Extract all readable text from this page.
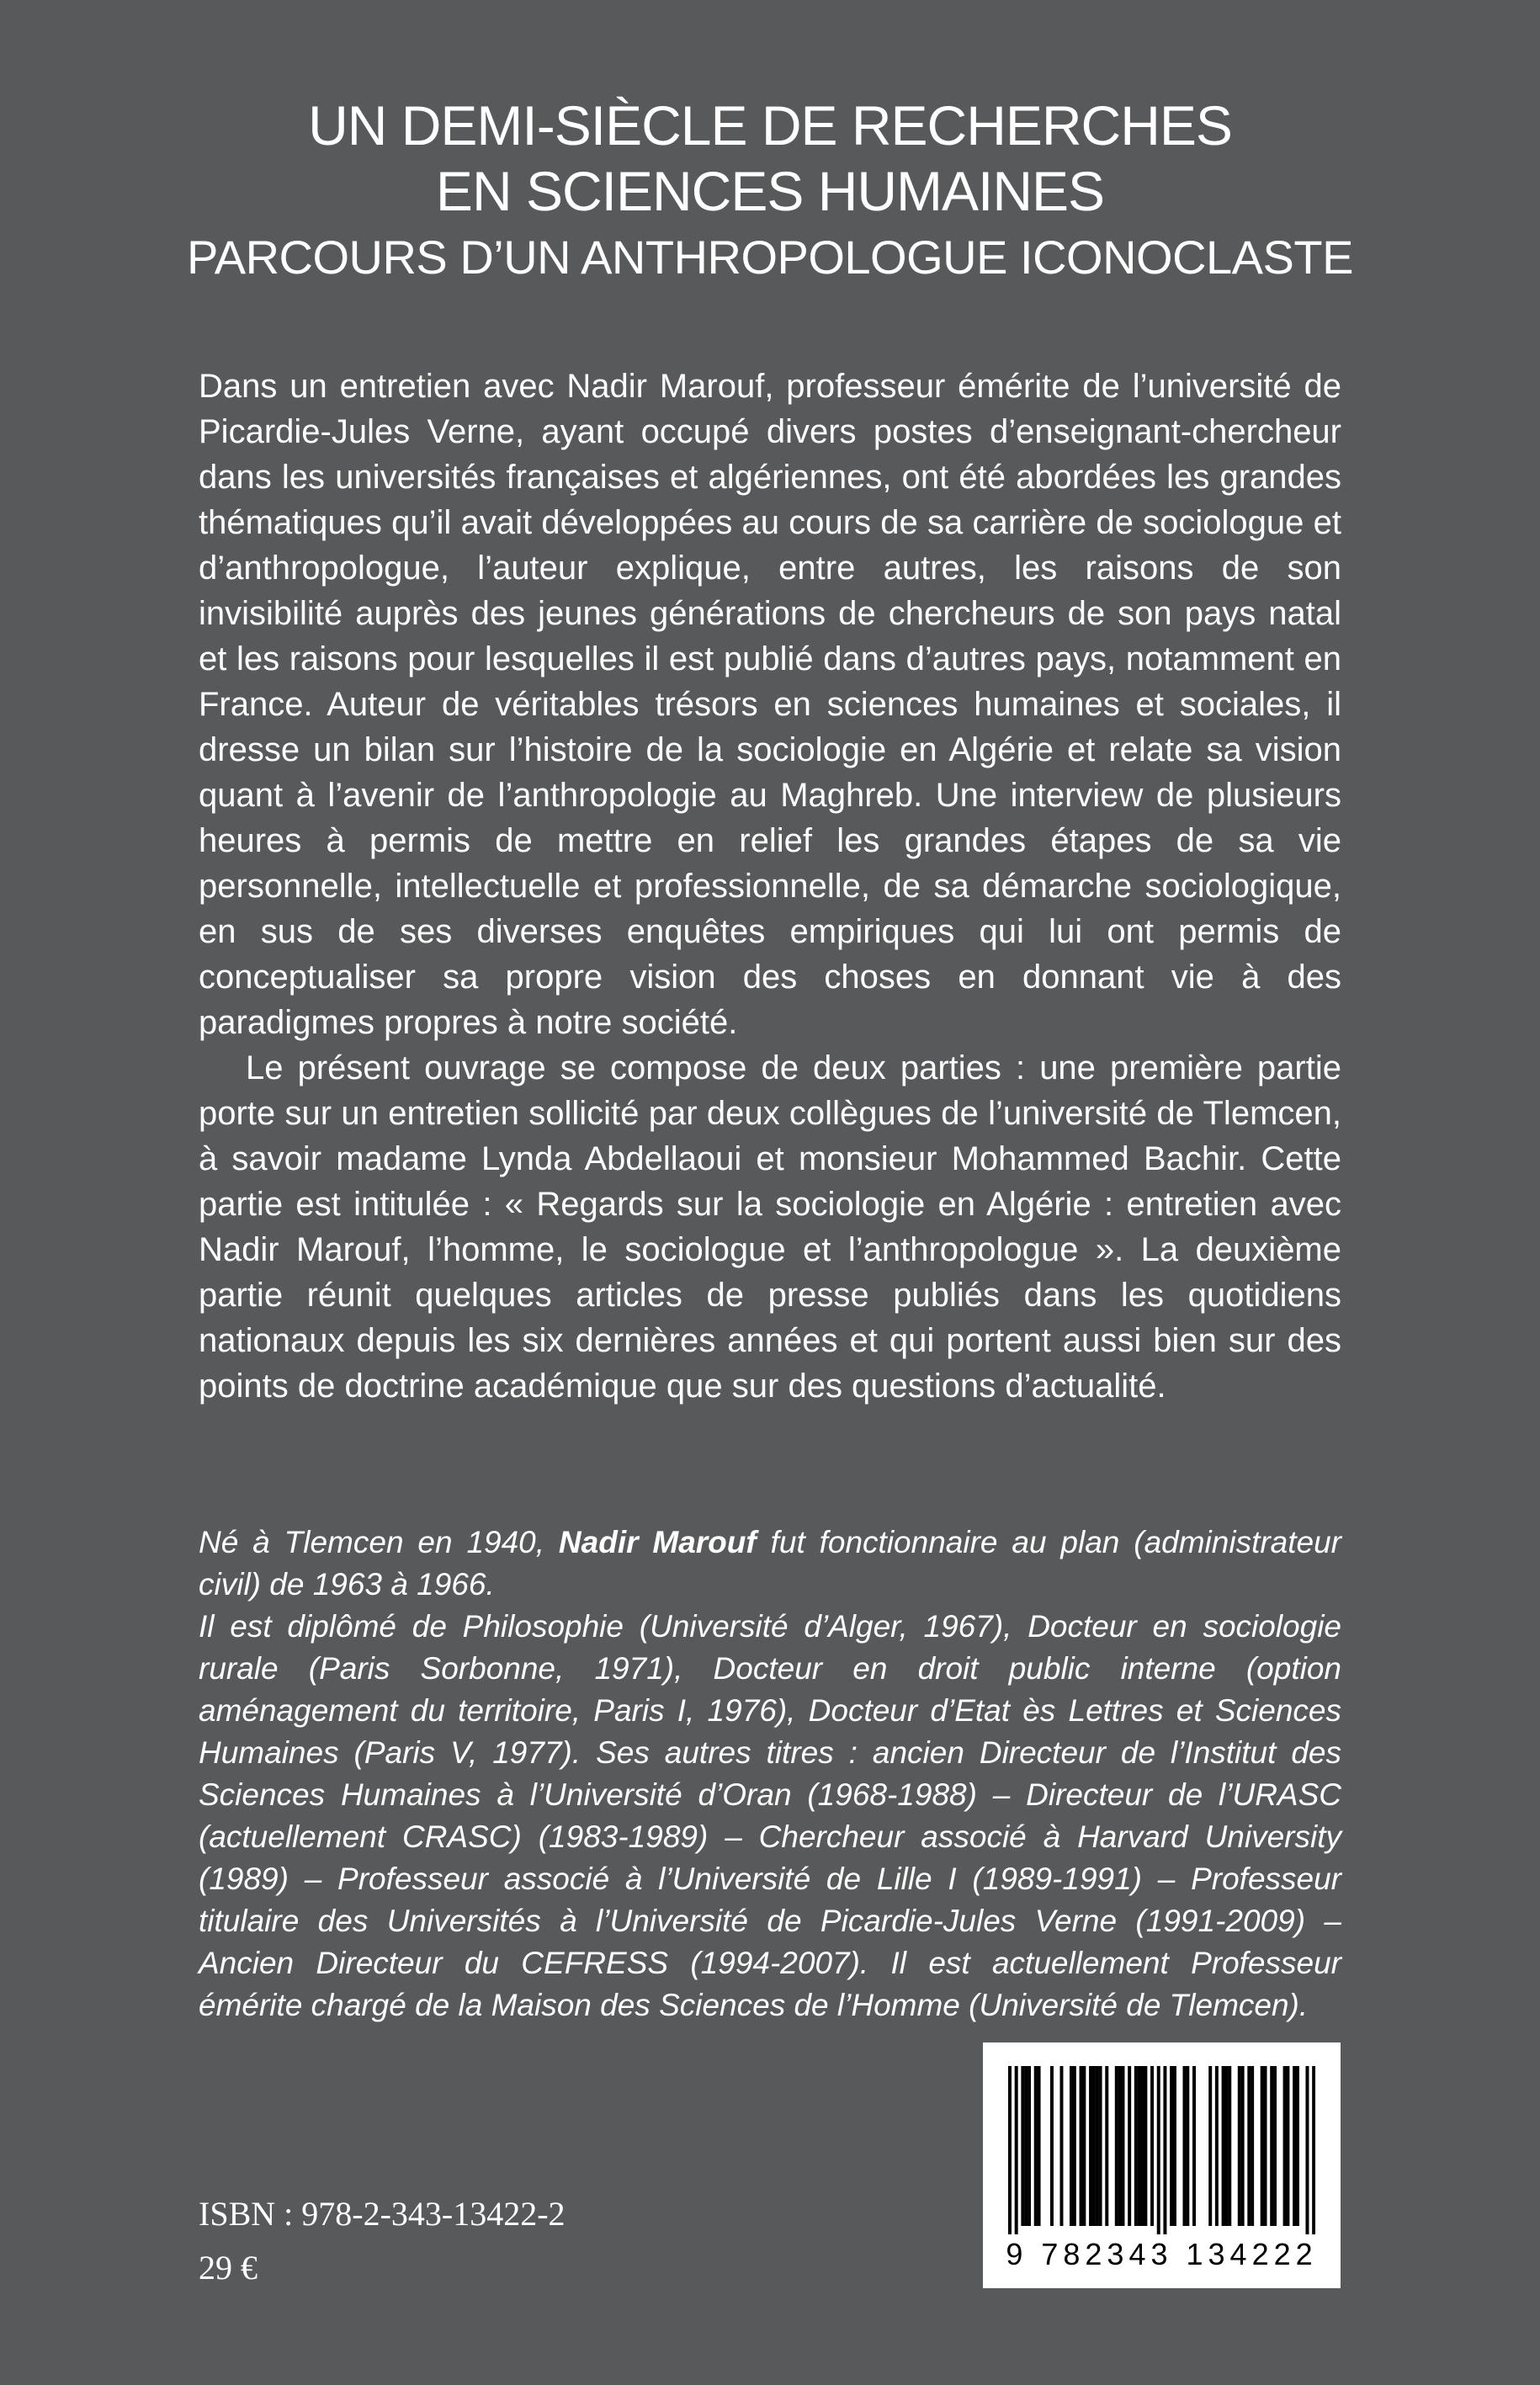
UN DEMI-SIÈCLE DE RECHERCHES
EN SCIENCES HUMAINES
PARCOURS D’UN ANTHROPOLOGUE ICONOCLASTE

Dans un entretien avec Nadir Marouf, professeur émérite de l’université de Picardie-Jules Verne, ayant occupé divers postes d’enseignant-chercheur dans les universités françaises et algériennes, ont été abordées les grandes thématiques qu’il avait développées au cours de sa carrière de sociologue et d’anthropologue, l’auteur explique, entre autres, les raisons de son invisibilité auprès des jeunes générations de chercheurs de son pays natal et les raisons pour lesquelles il est publié dans d’autres pays, notamment en France. Auteur de véritables trésors en sciences humaines et sociales, il dresse un bilan sur l’histoire de la sociologie en Algérie et relate sa vision quant à l’avenir de l’anthropologie au Maghreb. Une interview de plusieurs heures à permis de mettre en relief les grandes étapes de sa vie personnelle, intellectuelle et professionnelle, de sa démarche sociologique, en sus de ses diverses enquêtes empiriques qui lui ont permis de conceptualiser sa propre vision des choses en donnant vie à des paradigmes propres à notre société.

Le présent ouvrage se compose de deux parties : une première partie porte sur un entretien sollicité par deux collègues de l’université de Tlemcen, à savoir madame Lynda Abdellaoui et monsieur Mohammed Bachir. Cette partie est intitulée : « Regards sur la sociologie en Algérie : entretien avec Nadir Marouf, l’homme, le sociologue et l’anthropologue ». La deuxième partie réunit quelques articles de presse publiés dans les quotidiens nationaux depuis les six dernières années et qui portent aussi bien sur des points de doctrine académique que sur des questions d’actualité.

Né à Tlemcen en 1940, Nadir Marouf fut fonctionnaire au plan (administrateur civil) de 1963 à 1966.

Il est diplômé de Philosophie (Université d’Alger, 1967), Docteur en sociologie rurale (Paris Sorbonne, 1971), Docteur en droit public interne (option aménagement du territoire, Paris I, 1976), Docteur d’Etat ès Lettres et Sciences Humaines (Paris V, 1977). Ses autres titres : ancien Directeur de l’Institut des Sciences Humaines à l’Université d’Oran (1968-1988) – Directeur de l’URASC (actuellement CRASC) (1983-1989) – Chercheur associé à Harvard University (1989) – Professeur associé à l’Université de Lille I (1989-1991) – Professeur titulaire des Universités à l’Université de Picardie-Jules Verne (1991-2009) – Ancien Directeur du CEFRESS (1994-2007). Il est actuellement Professeur émérite chargé de la Maison des Sciences de l’Homme (Université de Tlemcen).

ISBN : 978-2-343-13422-2
29 €	9 782343 134222
